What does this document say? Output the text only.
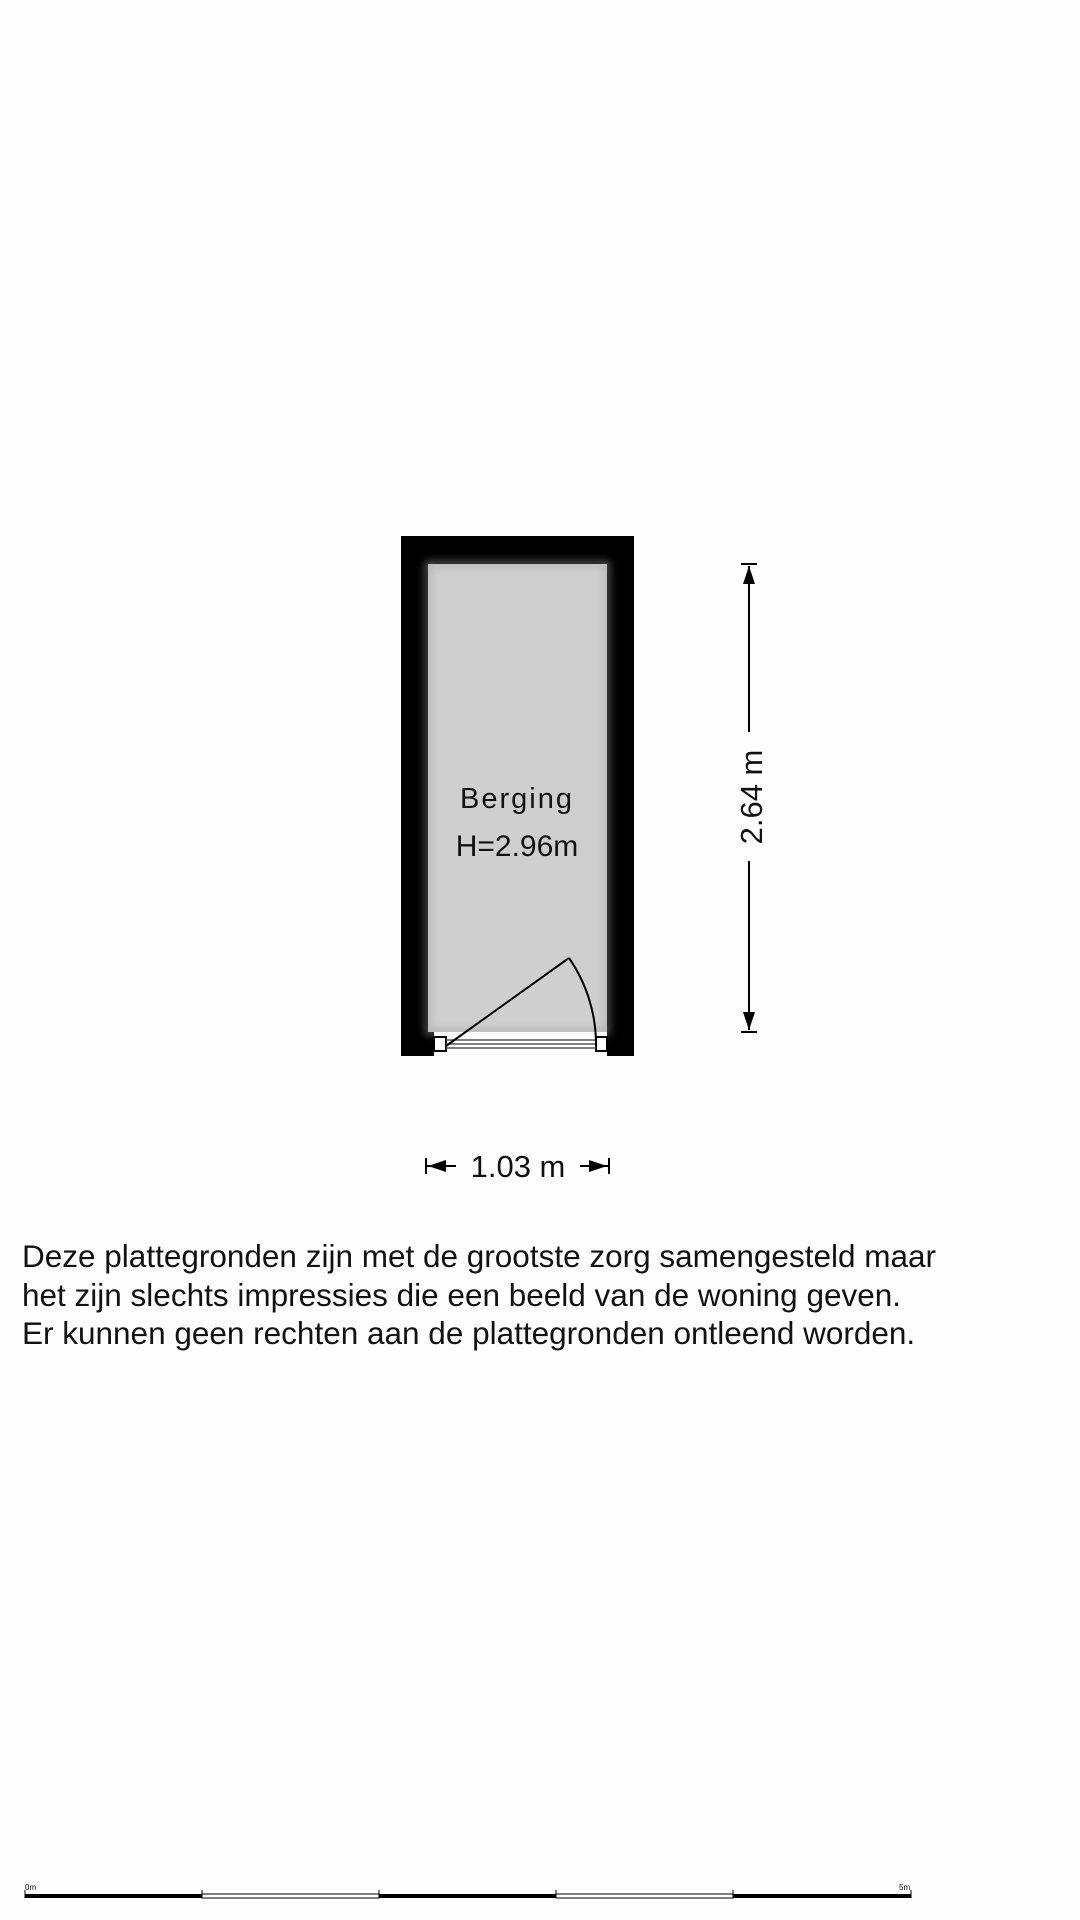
Berging
H=2.96m
2.64 m
1.03 m
0m	5m

Deze plattegronden zijn met de grootste zorg samengesteld maar
het zijn slechts impressies die een beeld van de woning geven.
Er kunnen geen rechten aan de plattegronden ontleend worden.
